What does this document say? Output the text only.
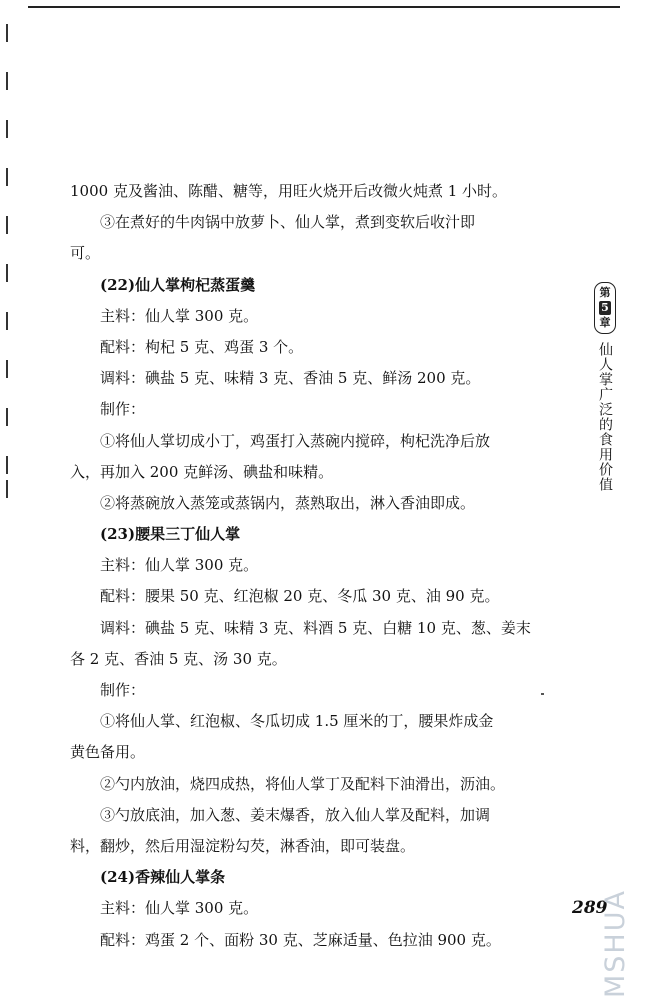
1000 克及酱油、陈醋、糖等，用旺火烧开后改微火炖煮 1 小时。
③在煮好的牛肉锅中放萝卜、仙人掌，煮到变软后收汁即
可。
(22)仙人掌枸杞蒸蛋羹
主料：仙人掌 300 克。
配料：枸杞 5 克、鸡蛋 3 个。
调料：碘盐 5 克、味精 3 克、香油 5 克、鲜汤 200 克。
制作：
①将仙人掌切成小丁，鸡蛋打入蒸碗内搅碎，枸杞洗净后放
入，再加入 200 克鲜汤、碘盐和味精。
②将蒸碗放入蒸笼或蒸锅内，蒸熟取出，淋入香油即成。
(23)腰果三丁仙人掌
主料：仙人掌 300 克。
配料：腰果 50 克、红泡椒 20 克、冬瓜 30 克、油 90 克。
调料：碘盐 5 克、味精 3 克、料酒 5 克、白糖 10 克、葱、姜末
各 2 克、香油 5 克、汤 30 克。
制作：
①将仙人掌、红泡椒、冬瓜切成 1.5 厘米的丁，腰果炸成金
黄色备用。
②勺内放油，烧四成热，将仙人掌丁及配料下油滑出，沥油。
③勺放底油，加入葱、姜末爆香，放入仙人掌及配料，加调
料，翻炒，然后用湿淀粉勾芡，淋香油，即可装盘。
(24)香辣仙人掌条
主料：仙人掌 300 克。
配料：鸡蛋 2 个、面粉 30 克、芝麻适量、色拉油 900 克。
第
5
章
仙人掌广泛的食用价值
289
MSHUA
